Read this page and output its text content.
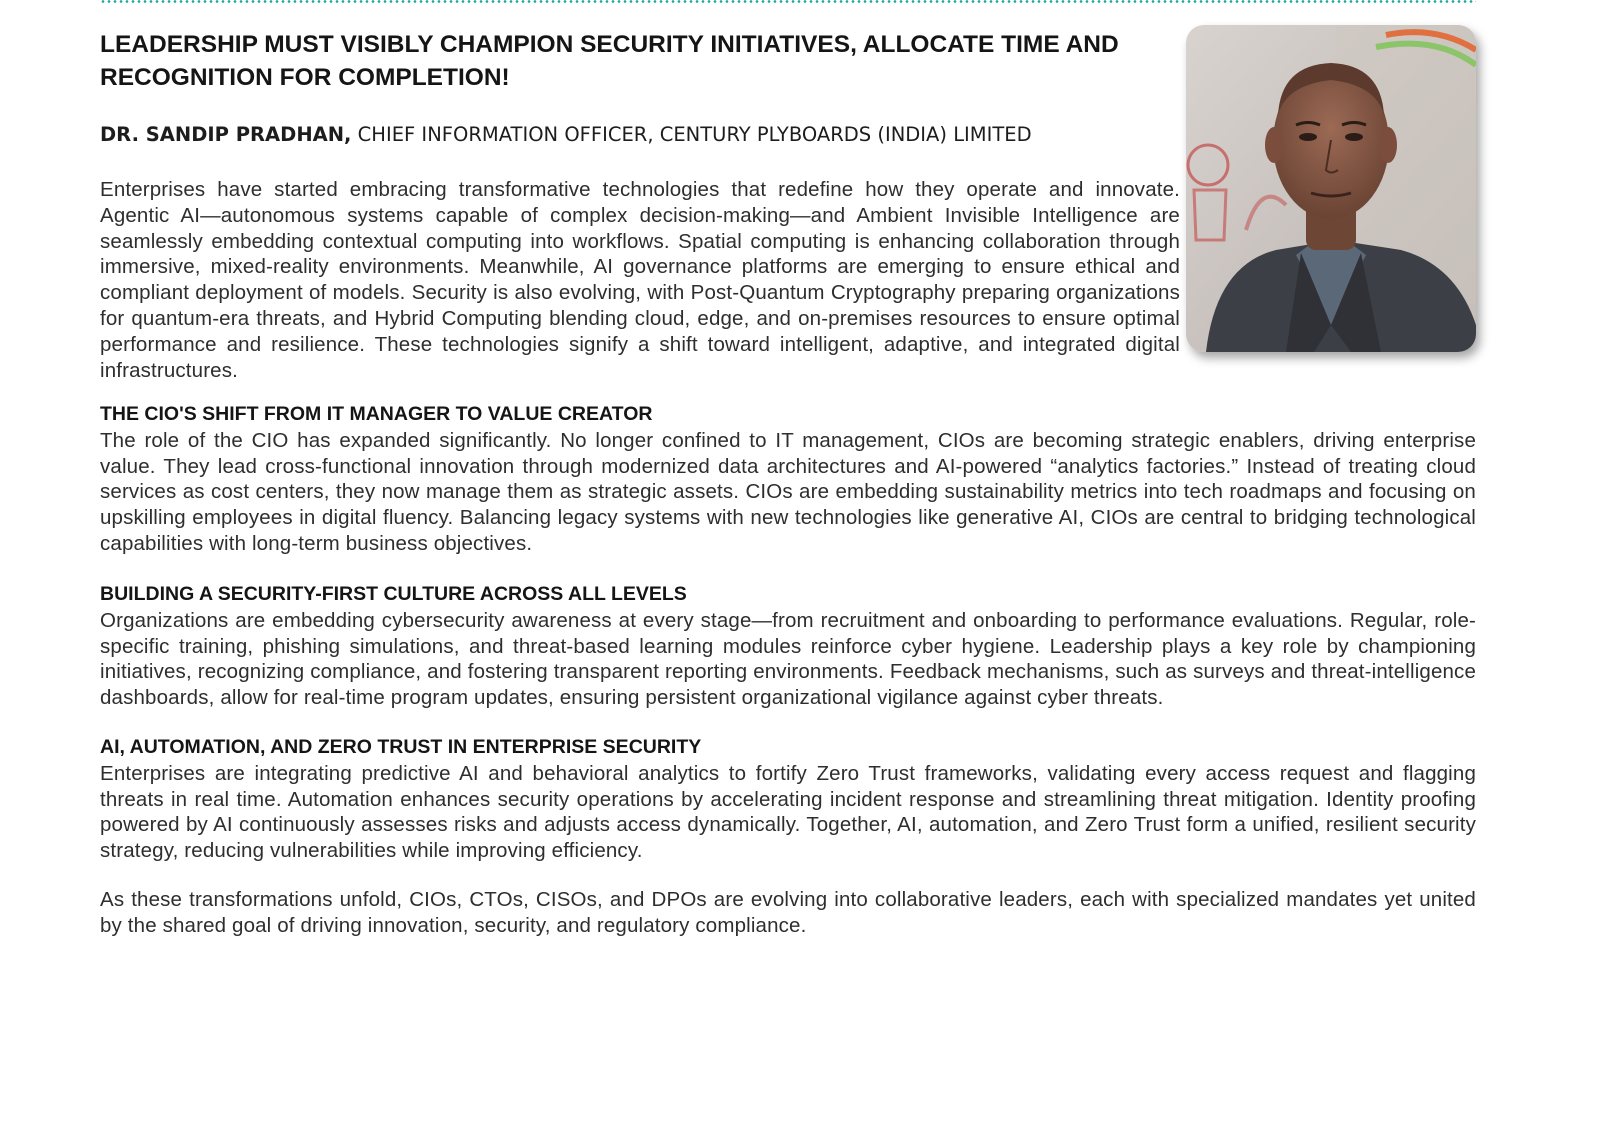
LEADERSHIP MUST VISIBLY CHAMPION SECURITY INITIATIVES, ALLOCATE TIME AND RECOGNITION FOR COMPLETION!
DR. SANDIP PRADHAN, CHIEF INFORMATION OFFICER, CENTURY PLYBOARDS (INDIA) LIMITED

Enterprises have started embracing transformative technologies that redefine how they operate and innovate. Agentic AI—autonomous systems capable of complex decision-making—and Ambient Invisible Intelligence are seamlessly embedding contextual computing into workflows. Spatial computing is enhancing collaboration through immersive, mixed-reality environments. Meanwhile, AI governance platforms are emerging to ensure ethical and compliant deployment of models. Security is also evolving, with Post-Quantum Cryptography preparing organizations for quantum-era threats, and Hybrid Computing blending cloud, edge, and on-premises resources to ensure optimal performance and resilience. These technologies signify a shift toward intelligent, adaptive, and integrated digital infrastructures.

THE CIO'S SHIFT FROM IT MANAGER TO VALUE CREATOR

The role of the CIO has expanded significantly. No longer confined to IT management, CIOs are becoming strategic enablers, driving enterprise value. They lead cross-functional innovation through modernized data architectures and AI-powered “analytics factories.” Instead of treating cloud services as cost centers, they now manage them as strategic assets. CIOs are embedding sustainability metrics into tech roadmaps and focusing on upskilling employees in digital fluency. Balancing legacy systems with new technologies like generative AI, CIOs are central to bridging technological capabilities with long-term business objectives.

BUILDING A SECURITY-FIRST CULTURE ACROSS ALL LEVELS

Organizations are embedding cybersecurity awareness at every stage—from recruitment and onboarding to performance evaluations. Regular, role-specific training, phishing simulations, and threat-based learning modules reinforce cyber hygiene. Leadership plays a key role by championing initiatives, recognizing compliance, and fostering transparent reporting environments. Feedback mechanisms, such as surveys and threat-intelligence dashboards, allow for real-time program updates, ensuring persistent organizational vigilance against cyber threats.

AI, AUTOMATION, AND ZERO TRUST IN ENTERPRISE SECURITY

Enterprises are integrating predictive AI and behavioral analytics to fortify Zero Trust frameworks, validating every access request and flagging threats in real time. Automation enhances security operations by accelerating incident response and streamlining threat mitigation. Identity proofing powered by AI continuously assesses risks and adjusts access dynamically. Together, AI, automation, and Zero Trust form a unified, resilient security strategy, reducing vulnerabilities while improving efficiency.

As these transformations unfold, CIOs, CTOs, CISOs, and DPOs are evolving into collaborative leaders, each with specialized mandates yet united by the shared goal of driving innovation, security, and regulatory compliance.
